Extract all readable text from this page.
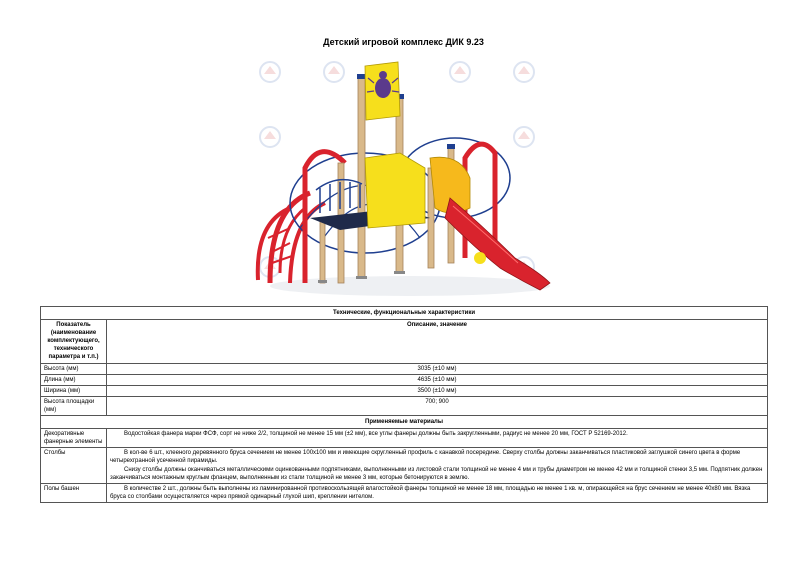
Детский игровой комплекс ДИК 9.23
Технические, функциональные характеристики	
Показатель (наименование комплектующего, технического параметра и т.п.)	Описание, значение
Высота (мм)	3035 (±10 мм)
Длина (мм)	4635 (±10 мм)
Ширина (мм)	3500 (±10 мм)
Высота площадки (мм)	700; 900
Применяемые материалы	
Декоративные фанерные элементы	Водостойкая фанера марки ФСФ, сорт не ниже 2/2, толщиной не менее 15 мм (±2 мм), все углы фанеры должны быть закругленными, радиус не менее 20 мм, ГОСТ Р 52169-2012.

Столбы	В кол-ве 6 шт., клееного деревянного бруса сечением не менее 100х100 мм и имеющие скругленный профиль с канавкой посередине. Сверху столбы должны заканчиваться пластиковой заглушкой синего цвета в форме четырехгранной усеченной пирамиды.
Снизу столбы должны оканчиваться металлическими оцинкованными подпятниками, выполненными из листовой стали толщиной не менее 4 мм и трубы диаметром не менее 42 мм и толщиной стенки 3,5 мм. Подпятник должен заканчиваться монтажным круглым фланцем, выполненным из стали толщиной не менее 3 мм, которые бетонируются в землю.

Полы башен	В количестве 2 шт., должны быть выполнены из ламинированной противоскользящей влагостойкой фанеры толщиной не менее 18 мм, площадью не менее 1 кв. м, опирающейся на брус сечением не менее 40х80 мм. Вязка бруса со столбами осуществляется через прямой одинарный глухой шип, креплении нителом.
